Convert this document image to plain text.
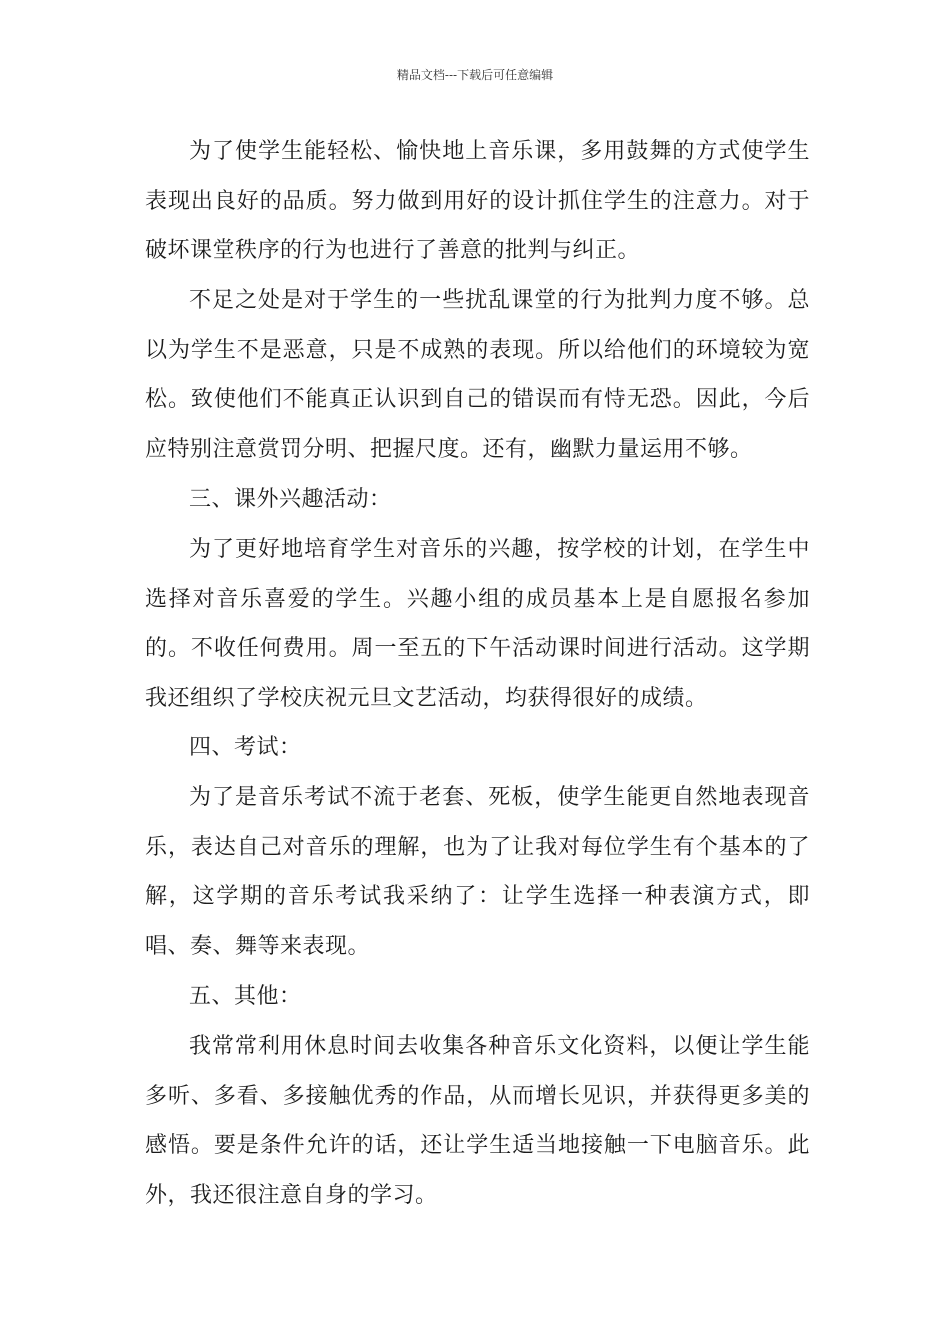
精品文档---下载后可任意编辑

为了使学生能轻松、愉快地上音乐课，多用鼓舞的方式使学生表现出良好的品质。努力做到用好的设计抓住学生的注意力。对于破坏课堂秩序的行为也进行了善意的批判与纠正。

不足之处是对于学生的一些扰乱课堂的行为批判力度不够。总以为学生不是恶意，只是不成熟的表现。所以给他们的环境较为宽松。致使他们不能真正认识到自己的错误而有恃无恐。因此，今后应特别注意赏罚分明、把握尺度。还有，幽默力量运用不够。

三、课外兴趣活动：

为了更好地培育学生对音乐的兴趣，按学校的计划，在学生中选择对音乐喜爱的学生。兴趣小组的成员基本上是自愿报名参加的。不收任何费用。周一至五的下午活动课时间进行活动。这学期我还组织了学校庆祝元旦文艺活动，均获得很好的成绩。

四、考试：

为了是音乐考试不流于老套、死板，使学生能更自然地表现音乐，表达自己对音乐的理解，也为了让我对每位学生有个基本的了解，这学期的音乐考试我采纳了：让学生选择一种表演方式，即唱、奏、舞等来表现。

五、其他：

我常常利用休息时间去收集各种音乐文化资料，以便让学生能多听、多看、多接触优秀的作品，从而增长见识，并获得更多美的感悟。要是条件允许的话，还让学生适当地接触一下电脑音乐。此外，我还很注意自身的学习。
